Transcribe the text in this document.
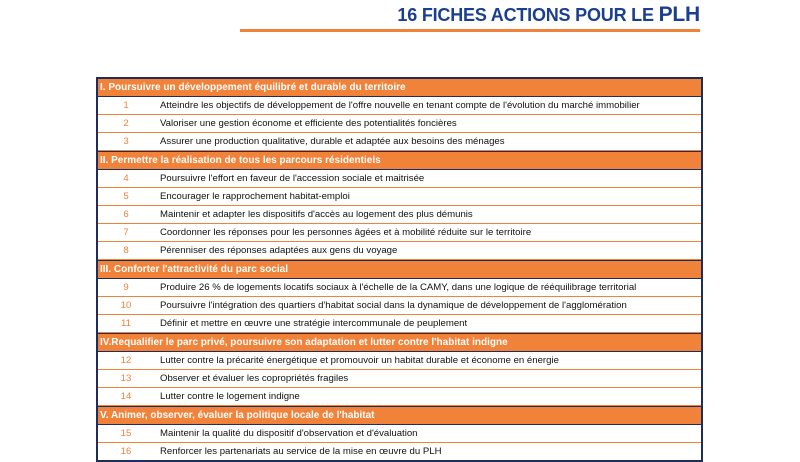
16 FICHES ACTIONS POUR LE PLH
I. Poursuivre un développement équilibré et durable du territoire
1	Atteindre les objectifs de développement de l'offre nouvelle en tenant compte de l'évolution du marché immobilier
2	Valoriser une gestion économe et efficiente des potentialités foncières
3	Assurer une production qualitative, durable et adaptée aux besoins des ménages
II. Permettre la réalisation de tous les parcours résidentiels
4	Poursuivre l'effort en faveur de l'accession sociale et maitrisée
5	Encourager le rapprochement habitat-emploi
6	Maintenir et adapter les dispositifs d'accès au logement des plus démunis
7	Coordonner les réponses pour les personnes âgées et à mobilité réduite sur le territoire
8	Pérenniser des réponses adaptées aux gens du voyage
III. Conforter l'attractivité du parc social
9	Produire 26 % de logements locatifs sociaux à l'échelle de la CAMY, dans une logique de rééquilibrage territorial
10	Poursuivre l'intégration des quartiers d'habitat social dans la dynamique de développement de l'agglomération
11	Définir et mettre en œuvre une stratégie intercommunale de peuplement
IV.Requalifier le parc privé, poursuivre son adaptation et lutter contre l'habitat indigne
12	Lutter contre la précarité énergétique et promouvoir un habitat durable et économe en énergie
13	Observer et évaluer les copropriétés fragiles
14	Lutter contre le logement indigne
V. Animer, observer, évaluer la politique locale de l'habitat
15	Maintenir la qualité du dispositif d'observation et d'évaluation
16	Renforcer les partenariats au service de la mise en œuvre du PLH
